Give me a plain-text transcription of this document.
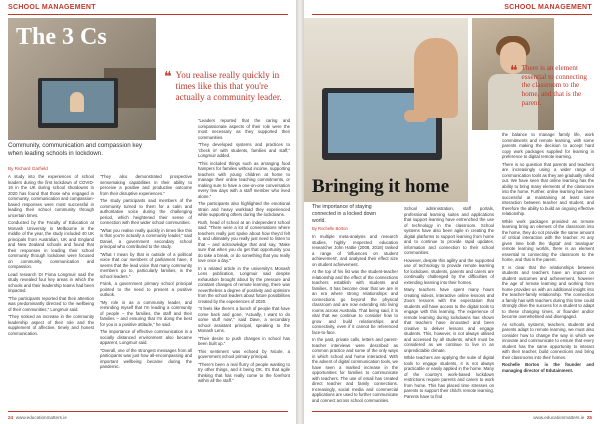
SCHOOL MANAGEMENT
The 3 Cs
❝ You realise really quickly in times like this that you're actually a community leader.
Community, communication and compassion key when leading schools in lockdown.
By Richard Garfield

A study into the experiences of school leaders during the first lockdown of COVID-19 in the UK during school shutdowns in 2020 has found that those who engaged in community, communication and compassion-based responses were most successful in leading their school community through uncertain times.

Conducted by the Faculty of Education at Monash University in Melbourne in the middle of the year, the study included 40 UK principals from Australian, UK and England and New Zealand schools and found that their responses in leading their school community through lockdown were focused on community, communication and compassion.

Lead research Dr Fiona Longmuir said the study revealed four key areas in which the schools and their leadership teams had been impacted.

"The participants reported that their attention was predominantly directed to the wellbeing of their communities," Longmuir said.

"They noticed an increase in the community leadership aspect of their role and the supplement of affective, timely and honest communication.

"They also demonstrated prospective sensemaking capabilities in their ability to perceive a positive and productive outcome from their disruptive experiences."

The study participants said members of the community turned to them for a calm and authoritative voice during the challenging period, which heightened their sense of connection with their wider school communities.

"What you realise really quickly in times like this is that you're actually a community leader," said Daniel, a government secondary school principal who contributed to the study.

"What I mean by that is outside of a political voice that our members of parliament have, it seems that the lead voice that many community members go to, particularly families, is the school leaders."

Frank, a government primary school principal pointed to the need to present a positive outlook.

"My role is as a community leader, and reminding myself that I'm leading a community of people – the families, the staff and their families – and ensuring that I'm doing the best for you is a positive attitude," he said.

The importance of effective communication in a socially distanced environment also became apparent, Longmuir said.

"Overall, one of the strongest messages from all participants was just how all-encompassing and important wellbeing became during the pandemic.

"Leaders reported that the caring and compassionate aspects of their role were the most necessary as they supported their communities.

"They developed systems and practices to 'check in' with students, families and staff," Longmuir added.

"This included things such as arranging food hampers for families without income, supporting teachers with young children at home to manage their online teaching commitments, or making sure to have a one-on-one conversation every few days with a staff member who lived alone."

The participants also highlighted the emotional strain and heavy workload they experienced while supporting others during the lockdowns.

Ruth, head of school at an independent school said: "There were a lot of conversations where teachers really just spoke about how they'd felt it, and ultimately you really just need to listen to that – and acknowledge that and say, 'Make sure that when you do get that opportunity you do take a break, or do something that you really love once a day.'"

In a related article in the university's Monash Lens publication, Longmuir said despite exhaustion brought about by the pressure and constant changes of remote learning, there was nevertheless a degree of positivity and optimism from the school leaders about future possibilities created by the experiences of 2020.

"It feels like there's a bunch of people that have come back and gone, 'Actually, I want to do some stuff now'," said Dave, a secondary school assistant principal, speaking to the Monash Lens.

"Their desire to push changes in school has been built up."

This sentiment was echoed by Nicole, a government school primary principal.

"There's been a real flurry of people wanting to try other things, and it being OK. It's that agile thinking that has really come to the forefront within all the staff."

24 www.educationmatters.ie
SCHOOL MANAGEMENT
❝ There is an element essential to connecting the classroom to the home, and that is the parent.
Bringing it home
The importance of staying connected in a locked down world.
By Rochelle Borton

In multiple meta-analysis and research studies, highly respected education researcher John Hattie (2008, 2018) ranked a range of 'influences on student achievement', and analysed their effect size on student achievement.

At the top of his list was the student-teacher relationship and the effect of the connections teachers establish with students and families. It has become clear that we are in an era where strong relationships and connections go beyond the physical classroom and are now extending into living rooms across Australia. That being said, it is vital that we continue to consider how to grow and build relationships and connectivity, even if it cannot be referenced face-to-face.

In the past, private calls, letters and parent-teacher interviews were described as common practice and some of the only ways in which school and home interacted. With the advent of digital communication tools, we have seen a marked increase in the opportunities for families to communicate with teachers. The use of email has created direct teacher and family connections. Increasingly, social media and commercial applications are used to further communicate and connect across school communities.

School administration, staff portals, professional learning suites and applications that support learning have entrenched the use of technology in the classroom. School systems have also been agile in creating the digital platforms to support learning from home and to continue to provide rapid updates, information and connection to their school communities.

However, despite this agility and the supported use of technology to provide remote learning for lockdown, students, parents and carers are continually challenged by the difficulties of extending learning into their homes.

Many teachers have spent many hours creating videos, interactive online lessons and Zoom lessons with the expectation that students will have access to the digital tools to engage with this learning. The experience of remote learning during lockdowns has shown that teachers have innovated and been creative to deliver lessons and engage students. This, however, is not always utilised and accessed by all students, which must be considered as we continue to live in an unpredictable climate.

While teachers are applying the suite of digital tools to engage students, it is not always practicable or easily applied in the home. Many of the country's work-based lockdown restrictions require parents and carers to work from home. This has placed time stresses on parents to support their child's remote learning. Parents have to find

the balance to manage family life, work commitments and remote learning, with some parents making the decision to accept hard copy work packages supplied for learning in preference to digital remote learning.

There is no question that parents and teachers are increasingly using a wider range of communication tools as they are gradually rolled out. We have seen that online learning has the ability to bring many elements of the classroom into the home. Further, online learning has been successful at maintaining at least some interaction between teacher and student, and therefore the ability to build an ongoing effective relationship.

While work packages provided as remote learning bring an element of the classroom into the home, they do not provide the same amount of critical interaction with the teacher. At any given time both the 'digital' and 'analogue' remote learning worlds, there is an element essential to connecting the classroom to the home, and that is the parent.

It is clear that the relationships between students and teachers have an impact on student outcomes and achievement, however the age of remote learning and working from home provides us with an additional insight into the teacher-family relationship. The connection a family has with teachers during this time could strongly drive the success for a student to adapt to these changing times, or flounder and/or become overwhelmed and disengaged.

As schools, systems, teachers, students and parents adapt to remote learning, we must also consider how to change the way in which we innovate and communicate to ensure that every student has the same opportunity to interact with their teacher, build connections and bring their classrooms into their homes.

Rochelle Borton is the founder and managing director of Edutainment.

www.educationmatters.ie 25
